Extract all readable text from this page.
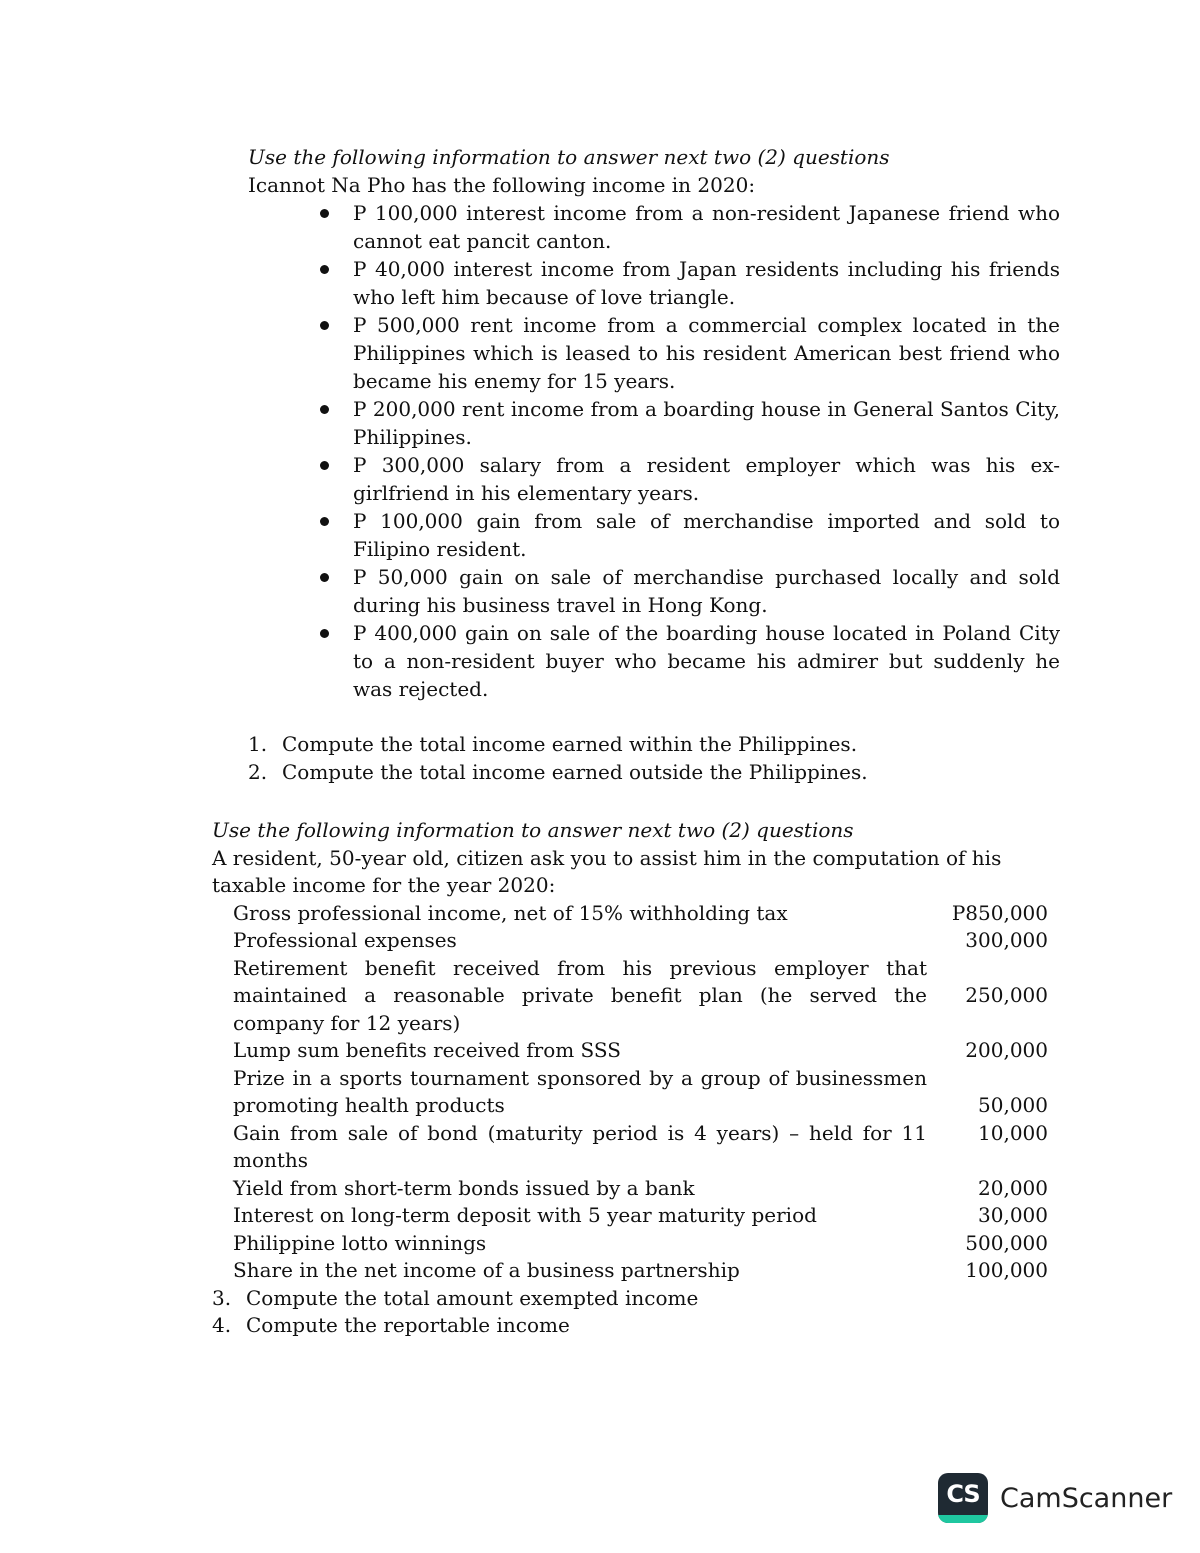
Use the following information to answer next two (2) questions
Icannot Na Pho has the following income in 2020:
P 100,000 interest income from a non-resident Japanese friend who cannot eat pancit canton.
P 40,000 interest income from Japan residents including his friends who left him because of love triangle.
P 500,000 rent income from a commercial complex located in the Philippines which is leased to his resident American best friend who became his enemy for 15 years.
P 200,000 rent income from a boarding house in General Santos City, Philippines.
P 300,000 salary from a resident employer which was his ex-girlfriend in his elementary years.
P 100,000 gain from sale of merchandise imported and sold to Filipino resident.
P 50,000 gain on sale of merchandise purchased locally and sold during his business travel in Hong Kong.
P 400,000 gain on sale of the boarding house located in Poland City to a non-resident buyer who became his admirer but suddenly he was rejected.
1. Compute the total income earned within the Philippines.
2. Compute the total income earned outside the Philippines.
Use the following information to answer next two (2) questions
A resident, 50-year old, citizen ask you to assist him in the computation of his taxable income for the year 2020:
Gross professional income, net of 15% withholding tax	P850,000
Professional expenses	300,000
Retirement benefit received from his previous employer that maintained a reasonable private benefit plan (he served the company for 12 years)	250,000
Lump sum benefits received from SSS	200,000
Prize in a sports tournament sponsored by a group of businessmen promoting health products	50,000
Gain from sale of bond (maturity period is 4 years) – held for 11 months	10,000
Yield from short-term bonds issued by a bank	20,000
Interest on long-term deposit with 5 year maturity period	30,000
Philippine lotto winnings	500,000
Share in the net income of a business partnership	100,000
3. Compute the total amount exempted income
4. Compute the reportable income
CS CamScanner
